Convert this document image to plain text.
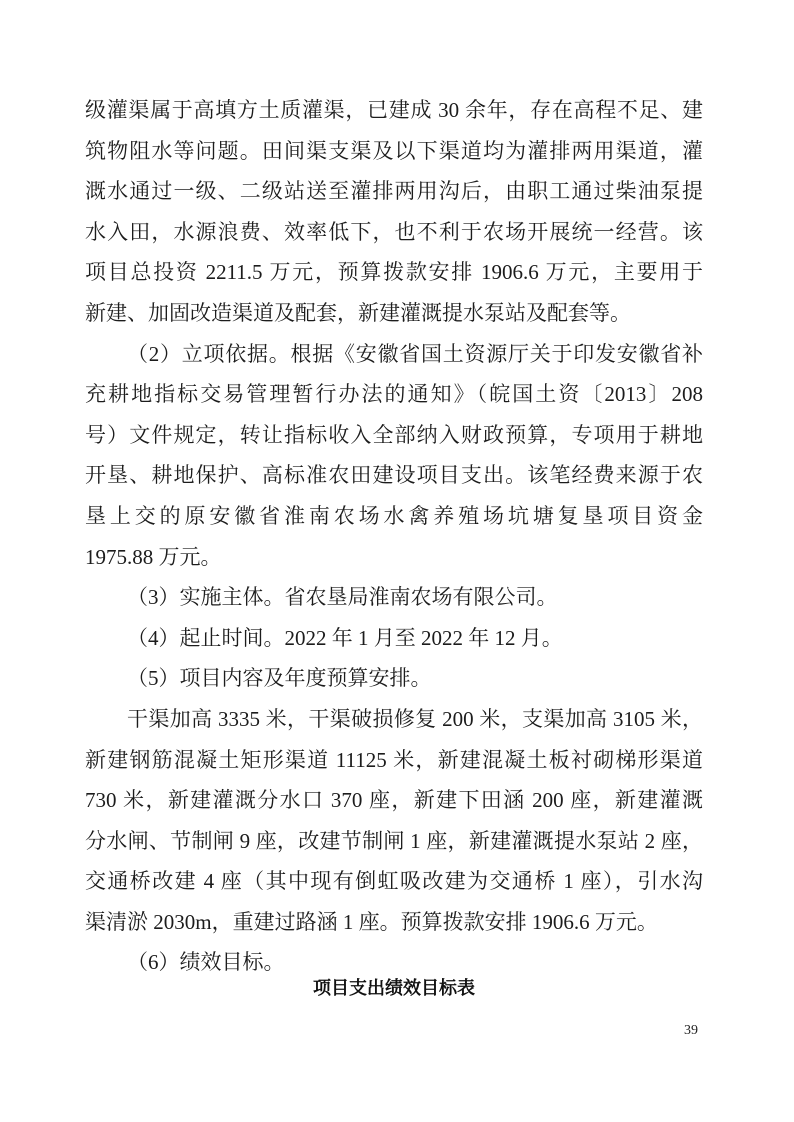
级灌渠属于高填方土质灌渠，已建成 30 余年，存在高程不足、建
筑物阻水等问题。田间渠支渠及以下渠道均为灌排两用渠道，灌
溉水通过一级、二级站送至灌排两用沟后，由职工通过柴油泵提
水入田，水源浪费、效率低下，也不利于农场开展统一经营。该
项目总投资 2211.5 万元，预算拨款安排 1906.6 万元，主要用于
新建、加固改造渠道及配套，新建灌溉提水泵站及配套等。
（2）立项依据。根据《安徽省国土资源厅关于印发安徽省补
充耕地指标交易管理暂行办法的通知》（皖国土资〔2013〕208
号）文件规定，转让指标收入全部纳入财政预算，专项用于耕地
开垦、耕地保护、高标准农田建设项目支出。该笔经费来源于农
垦上交的原安徽省淮南农场水禽养殖场坑塘复垦项目资金
1975.88 万元。
（3）实施主体。省农垦局淮南农场有限公司。
（4）起止时间。2022 年 1 月至 2022 年 12 月。
（5）项目内容及年度预算安排。
干渠加高 3335 米，干渠破损修复 200 米，支渠加高 3105 米，
新建钢筋混凝土矩形渠道 11125 米，新建混凝土板衬砌梯形渠道
730 米，新建灌溉分水口 370 座，新建下田涵 200 座，新建灌溉
分水闸、节制闸 9 座，改建节制闸 1 座，新建灌溉提水泵站 2 座，
交通桥改建 4 座（其中现有倒虹吸改建为交通桥 1 座），引水沟
渠清淤 2030m，重建过路涵 1 座。预算拨款安排 1906.6 万元。
（6）绩效目标。
项目支出绩效目标表
39
